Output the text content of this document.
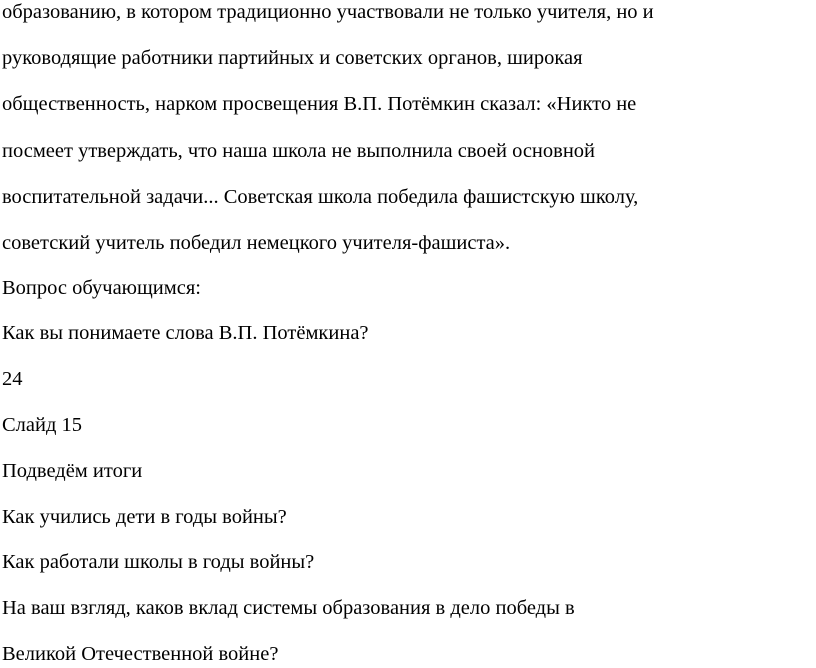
образованию, в котором традиционно участвовали не только учителя, но и
руководящие работники партийных и советских органов, широкая
общественность, нарком просвещения В.П. Потёмкин сказал: «Никто не
посмеет утверждать, что наша школа не выполнила своей основной
воспитательной задачи... Советская школа победила фашистскую школу,
советский учитель победил немецкого учителя-фашиста».
Вопрос обучающимся:
Как вы понимаете слова В.П. Потёмкина?
24
Слайд 15
Подведём итоги
Как учились дети в годы войны?
Как работали школы в годы войны?
На ваш взгляд, каков вклад системы образования в дело победы в
Великой Отечественной войне?
